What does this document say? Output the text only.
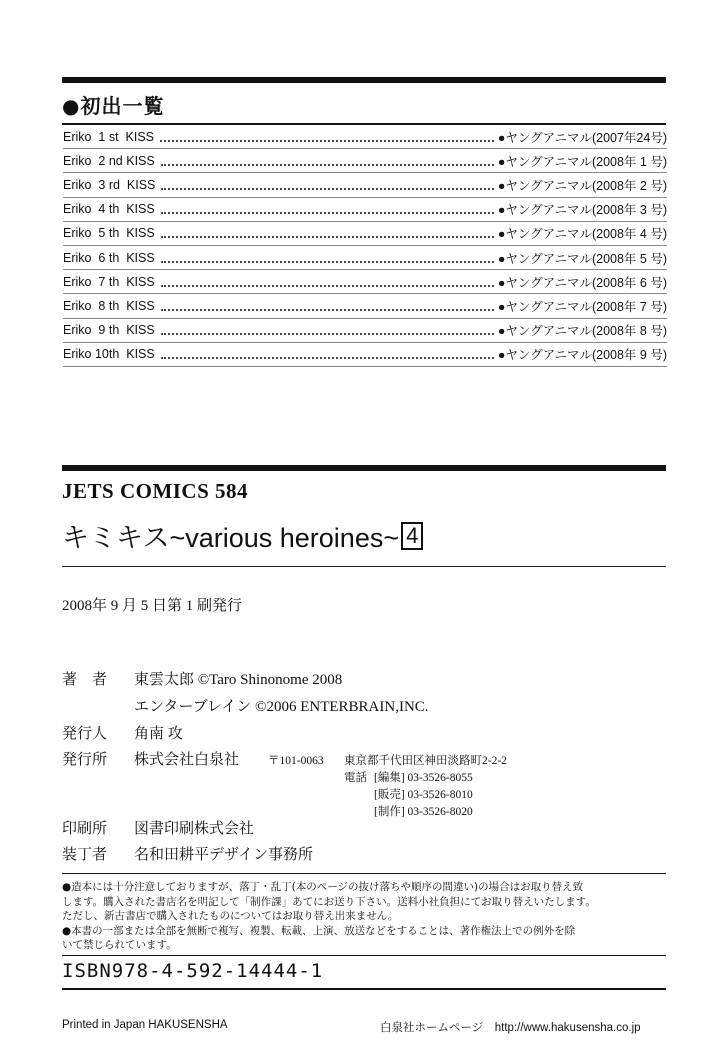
●初出一覧
Eriko  1 st  KISS	●ヤングアニマル(2007年24号)
Eriko  2 nd KISS	●ヤングアニマル(2008年 1 号)
Eriko  3 rd  KISS	●ヤングアニマル(2008年 2 号)
Eriko  4 th  KISS	●ヤングアニマル(2008年 3 号)
Eriko  5 th  KISS	●ヤングアニマル(2008年 4 号)
Eriko  6 th  KISS	●ヤングアニマル(2008年 5 号)
Eriko  7 th  KISS	●ヤングアニマル(2008年 6 号)
Eriko  8 th  KISS	●ヤングアニマル(2008年 7 号)
Eriko  9 th  KISS	●ヤングアニマル(2008年 8 号)
Eriko 10th  KISS	●ヤングアニマル(2008年 9 号)
JETS COMICS 584
キミキス~various heroines~ 4
2008年 9 月 5 日第 1 刷発行
著　者 東雲太郎 ©Taro Shinonome 2008
エンターブレイン ©2006 ENTERBRAIN,INC.
発行人 角南 攻
発行所 株式会社白泉社	〒101-0063 東京都千代田区神田淡路町2-2-2
電話 [編集] 03-3526-8055
[販売] 03-3526-8010
[制作] 03-3526-8020
印刷所 図書印刷株式会社
装丁者 名和田耕平デザイン事務所

●造本には十分注意しておりますが、落丁・乱丁(本のページの抜け落ちや順序の間違い)の場合はお取り替え致

します。購入された書店名を明記して「制作課」あてにお送り下さい。送料小社負担にてお取り替えいたします。

ただし、新古書店で購入されたものについてはお取り替え出来ません。

●本書の一部または全部を無断で複写、複製、転載、上演、放送などをすることは、著作権法上での例外を除

いて禁じられています。

ISBN978-4-592-14444-1
Printed in Japan HAKUSENSHA	白泉社ホームページ　http://www.hakusensha.co.jp
